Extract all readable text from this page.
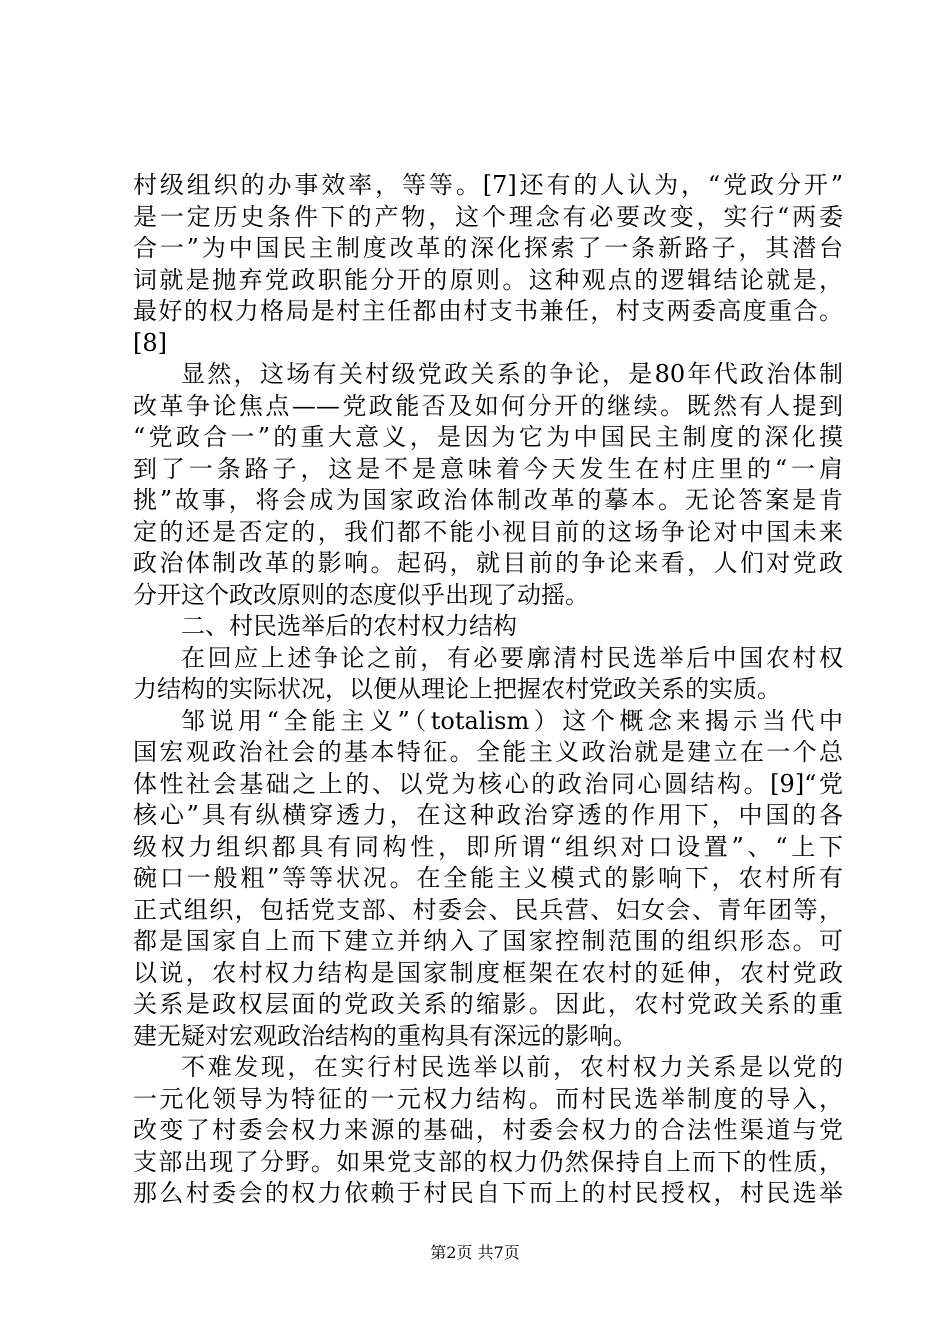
村级组织的办事效率，等等。[7]还有的人认为，“党政分开”
是一定历史条件下的产物，这个理念有必要改变，实行“两委
合一”为中国民主制度改革的深化探索了一条新路子，其潜台
词就是抛弃党政职能分开的原则。这种观点的逻辑结论就是，
最好的权力格局是村主任都由村支书兼任，村支两委高度重合。
[8]
显然，这场有关村级党政关系的争论，是80年代政治体制
改革争论焦点——党政能否及如何分开的继续。既然有人提到
“党政合一”的重大意义，是因为它为中国民主制度的深化摸
到了一条路子，这是不是意味着今天发生在村庄里的“一肩
挑”故事，将会成为国家政治体制改革的摹本。无论答案是肯
定的还是否定的，我们都不能小视目前的这场争论对中国未来
政治体制改革的影响。起码，就目前的争论来看，人们对党政
分开这个政改原则的态度似乎出现了动摇。
二、村民选举后的农村权力结构
在回应上述争论之前，有必要廓清村民选举后中国农村权
力结构的实际状况，以便从理论上把握农村党政关系的实质。
邹说用“全能主义”（totalism）这个概念来揭示当代中
国宏观政治社会的基本特征。全能主义政治就是建立在一个总
体性社会基础之上的、以党为核心的政治同心圆结构。[9]“党
核心”具有纵横穿透力，在这种政治穿透的作用下，中国的各
级权力组织都具有同构性，即所谓“组织对口设置”、“上下
碗口一般粗”等等状况。在全能主义模式的影响下，农村所有
正式组织，包括党支部、村委会、民兵营、妇女会、青年团等，
都是国家自上而下建立并纳入了国家控制范围的组织形态。可
以说，农村权力结构是国家制度框架在农村的延伸，农村党政
关系是政权层面的党政关系的缩影。因此，农村党政关系的重
建无疑对宏观政治结构的重构具有深远的影响。
不难发现，在实行村民选举以前，农村权力关系是以党的
一元化领导为特征的一元权力结构。而村民选举制度的导入，
改变了村委会权力来源的基础，村委会权力的合法性渠道与党
支部出现了分野。如果党支部的权力仍然保持自上而下的性质，
那么村委会的权力依赖于村民自下而上的村民授权，村民选举
第2页 共7页
